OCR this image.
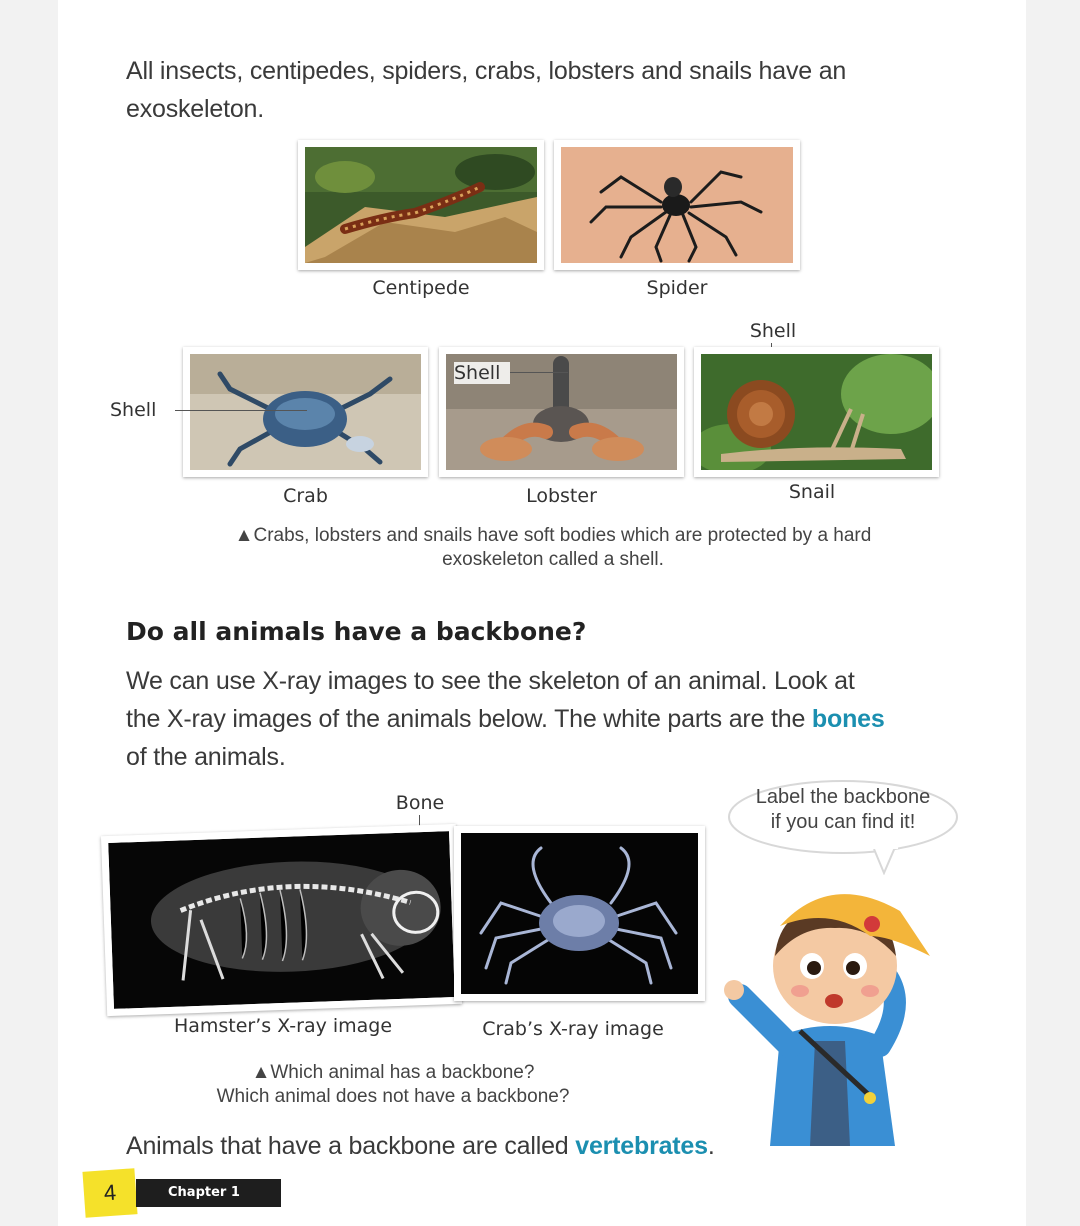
All insects, centipedes, spiders, crabs, lobsters and snails have an
exoskeleton.
Centipede	Spider
Shell
Shell
Shell
Crab	Lobster	Snail
▲Crabs, lobsters and snails have soft bodies which are protected by a hard
exoskeleton called a shell.
Do all animals have a backbone?
We can use X-ray images to see the skeleton of an animal. Look at
the X-ray images of the animals below. The white parts are the bones
of the animals.
Bone
Hamster’s X-ray image	Crab’s X-ray image
▲Which animal has a backbone?
Which animal does not have a backbone?
Label the backbone
if you can find it!
Animals that have a backbone are called vertebrates.
4	Chapter 1
